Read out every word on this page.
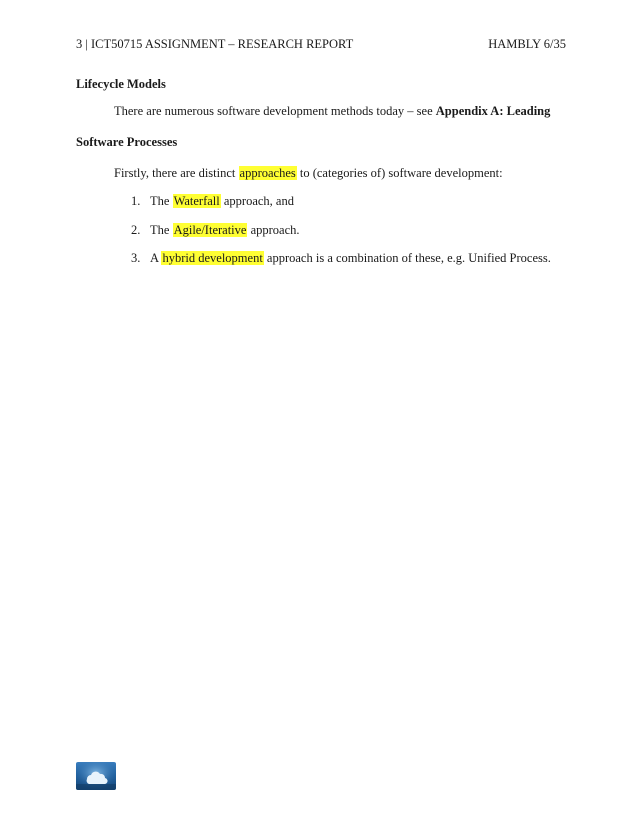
3 | ICT50715 ASSIGNMENT – RESEARCH REPORT	HAMBLY 6/35
Lifecycle Models
There are numerous software development methods today – see Appendix A: Leading
Software Processes
Firstly, there are distinct approaches to (categories of) software development:
1. The Waterfall approach, and
2. The Agile/Iterative approach.
3. A hybrid development approach is a combination of these, e.g. Unified Process.
